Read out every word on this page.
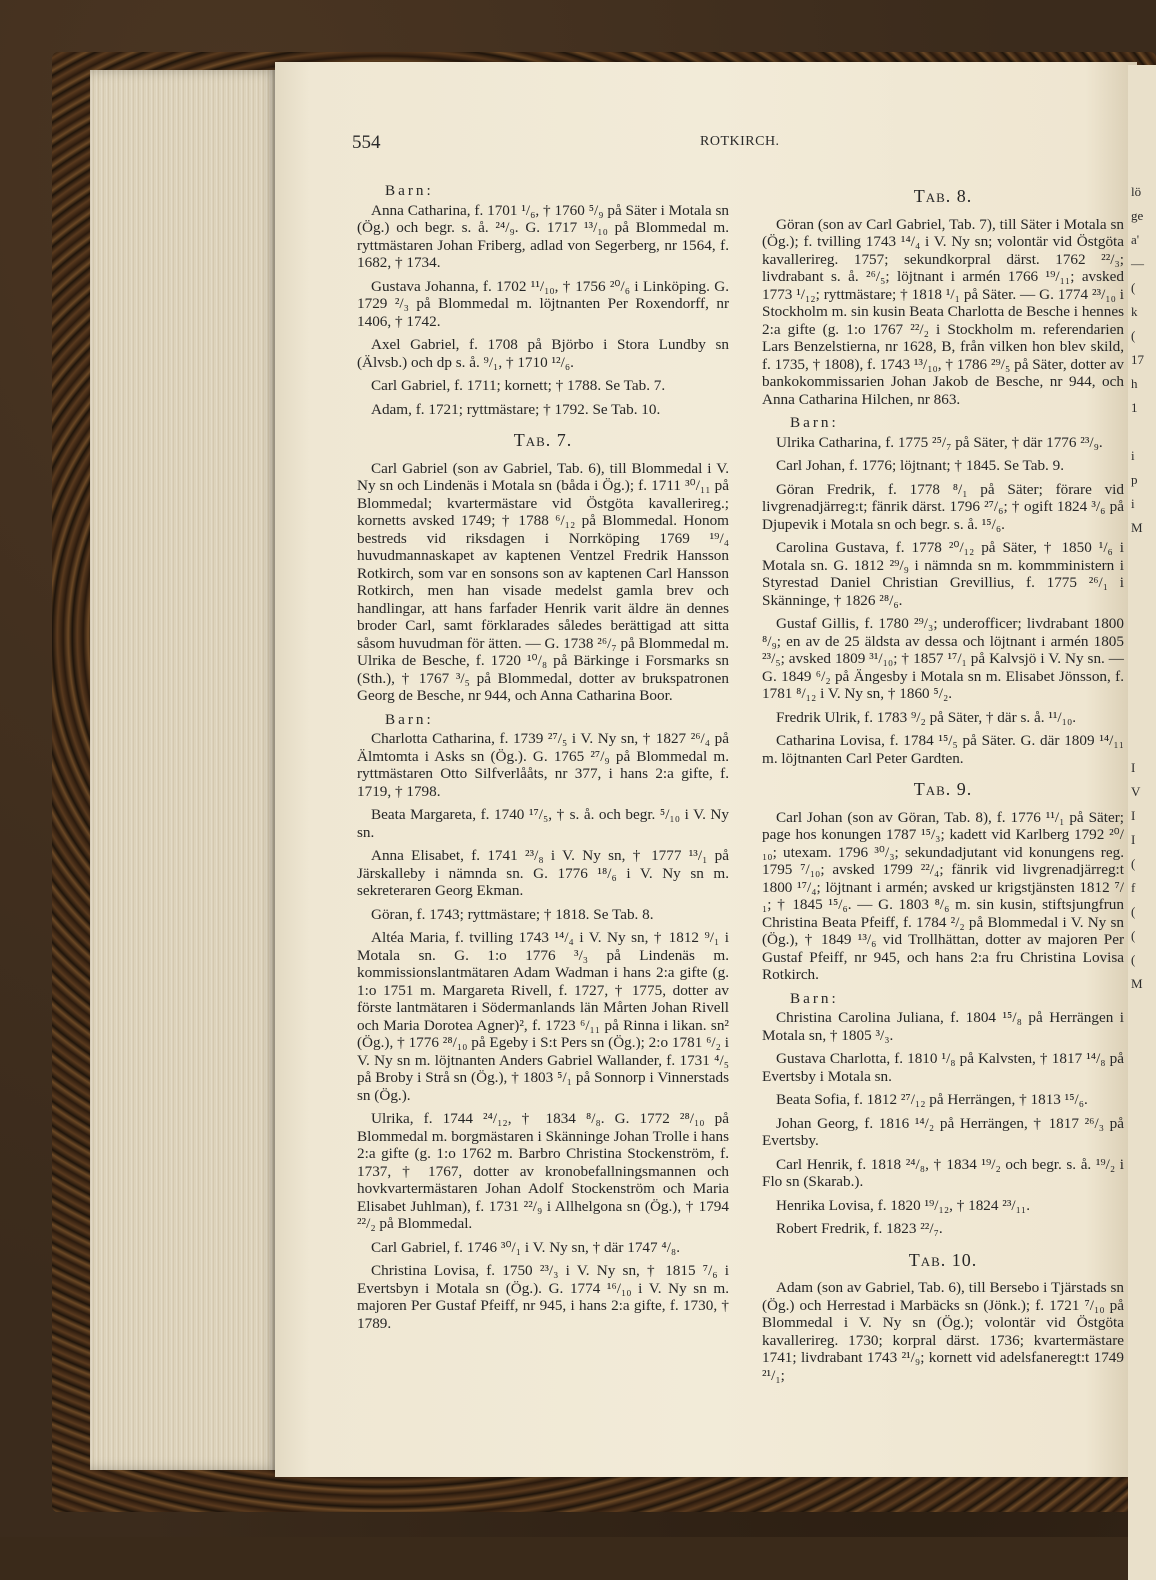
lö
ge
a'
—
(
k
(
17
h
1

i
p
i
M

I
V
I
I
(
f
(
(
(
M
554	ROTKIRCH.

Barn:

Anna Catharina, f. 1701 ¹/₆, † 1760 ⁵/₉ på Säter i Motala sn (Ög.) och begr. s. å. ²⁴/₉. G. 1717 ¹³/₁₀ på Blommedal m. ryttmästaren Johan Friberg, adlad von Segerberg, nr 1564, f. 1682, † 1734.

Gustava Johanna, f. 1702 ¹¹/₁₀, † 1756 ²⁰/₆ i Linköping. G. 1729 ²/₃ på Blommedal m. löjtnanten Per Roxendorff, nr 1406, † 1742.

Axel Gabriel, f. 1708 på Björbo i Stora Lundby sn (Älvsb.) och dp s. å. ⁹/₁, † 1710 ¹²/₆.

Carl Gabriel, f. 1711; kornett; † 1788. Se Tab. 7.

Adam, f. 1721; ryttmästare; † 1792. Se Tab. 10.

Tab. 7.

Carl Gabriel (son av Gabriel, Tab. 6), till Blommedal i V. Ny sn och Lindenäs i Motala sn (båda i Ög.); f. 1711 ³⁰/₁₁ på Blommedal; kvartermästare vid Östgöta kavallerireg.; kornetts avsked 1749; † 1788 ⁶/₁₂ på Blommedal. Honom bestreds vid riksdagen i Norrköping 1769 ¹⁹/₄ huvudmannaskapet av kaptenen Ventzel Fredrik Hansson Rotkirch, som var en sonsons son av kaptenen Carl Hansson Rotkirch, men han visade medelst gamla brev och handlingar, att hans farfader Henrik varit äldre än dennes broder Carl, samt förklarades således berättigad att sitta såsom huvudman för ätten. — G. 1738 ²⁶/₇ på Blommedal m. Ulrika de Besche, f. 1720 ¹⁰/₈ på Bärkinge i Forsmarks sn (Sth.), † 1767 ³/₅ på Blommedal, dotter av brukspatronen Georg de Besche, nr 944, och Anna Catharina Boor.

Barn:

Charlotta Catharina, f. 1739 ²⁷/₅ i V. Ny sn, † 1827 ²⁶/₄ på Älmtomta i Asks sn (Ög.). G. 1765 ²⁷/₉ på Blommedal m. ryttmästaren Otto Silfverlååts, nr 377, i hans 2:a gifte, f. 1719, † 1798.

Beata Margareta, f. 1740 ¹⁷/₅, † s. å. och begr. ⁵/₁₀ i V. Ny sn.

Anna Elisabet, f. 1741 ²³/₈ i V. Ny sn, † 1777 ¹³/₁ på Järskalleby i nämnda sn. G. 1776 ¹⁸/₆ i V. Ny sn m. sekreteraren Georg Ekman.

Göran, f. 1743; ryttmästare; † 1818. Se Tab. 8.

Altéa Maria, f. tvilling 1743 ¹⁴/₄ i V. Ny sn, † 1812 ⁹/₁ i Motala sn. G. 1:o 1776 ³/₃ på Lindenäs m. kommissionslantmätaren Adam Wadman i hans 2:a gifte (g. 1:o 1751 m. Margareta Rivell, f. 1727, † 1775, dotter av förste lantmätaren i Södermanlands län Mårten Johan Rivell och Maria Dorotea Agner)², f. 1723 ⁶/₁₁ på Rinna i likan. sn² (Ög.), † 1776 ²⁸/₁₀ på Egeby i S:t Pers sn (Ög.); 2:o 1781 ⁶/₂ i V. Ny sn m. löjtnanten Anders Gabriel Wallander, f. 1731 ⁴/₅ på Broby i Strå sn (Ög.), † 1803 ⁵/₁ på Sonnorp i Vinnerstads sn (Ög.).

Ulrika, f. 1744 ²⁴/₁₂, † 1834 ⁸/₈. G. 1772 ²⁸/₁₀ på Blommedal m. borgmästaren i Skänninge Johan Trolle i hans 2:a gifte (g. 1:o 1762 m. Barbro Christina Stockenström, f. 1737, † 1767, dotter av kronobefallningsmannen och hovkvartermästaren Johan Adolf Stockenström och Maria Elisabet Juhlman), f. 1731 ²²/₉ i Allhelgona sn (Ög.), † 1794 ²²/₂ på Blommedal.

Carl Gabriel, f. 1746 ³⁰/₁ i V. Ny sn, † där 1747 ⁴/₈.

Christina Lovisa, f. 1750 ²³/₃ i V. Ny sn, † 1815 ⁷/₆ i Evertsbyn i Motala sn (Ög.). G. 1774 ¹⁶/₁₀ i V. Ny sn m. majoren Per Gustaf Pfeiff, nr 945, i hans 2:a gifte, f. 1730, † 1789.

Tab. 8.

Göran (son av Carl Gabriel, Tab. 7), till Säter i Motala sn (Ög.); f. tvilling 1743 ¹⁴/₄ i V. Ny sn; volontär vid Östgöta kavallerireg. 1757; sekundkorpral därst. 1762 ²²/₃; livdrabant s. å. ²⁶/₅; löjtnant i armén 1766 ¹⁹/₁₁; avsked 1773 ¹/₁₂; ryttmästare; † 1818 ¹/₁ på Säter. — G. 1774 ²³/₁₀ i Stockholm m. sin kusin Beata Charlotta de Besche i hennes 2:a gifte (g. 1:o 1767 ²²/₂ i Stockholm m. referendarien Lars Benzelstierna, nr 1628, B, från vilken hon blev skild, f. 1735, † 1808), f. 1743 ¹³/₁₀, † 1786 ²⁹/₅ på Säter, dotter av bankokommissarien Johan Jakob de Besche, nr 944, och Anna Catharina Hilchen, nr 863.

Barn:

Ulrika Catharina, f. 1775 ²⁵/₇ på Säter, † där 1776 ²³/₉.

Carl Johan, f. 1776; löjtnant; † 1845. Se Tab. 9.

Göran Fredrik, f. 1778 ⁸/₁ på Säter; förare vid livgrenadjärreg:t; fänrik därst. 1796 ²⁷/₆; † ogift 1824 ³/₆ på Djupevik i Motala sn och begr. s. å. ¹⁵/₆.

Carolina Gustava, f. 1778 ²⁰/₁₂ på Säter, † 1850 ¹/₆ i Motala sn. G. 1812 ²⁹/₉ i nämnda sn m. kommministern i Styrestad Daniel Christian Grevillius, f. 1775 ²⁶/₁ i Skänninge, † 1826 ²⁸/₆.

Gustaf Gillis, f. 1780 ²⁹/₃; underofficer; livdrabant 1800 ⁸/₉; en av de 25 äldsta av dessa och löjtnant i armén 1805 ²³/₅; avsked 1809 ³¹/₁₀; † 1857 ¹⁷/₁ på Kalvsjö i V. Ny sn. — G. 1849 ⁶/₂ på Ängesby i Motala sn m. Elisabet Jönsson, f. 1781 ⁸/₁₂ i V. Ny sn, † 1860 ⁵/₂.

Fredrik Ulrik, f. 1783 ⁹/₂ på Säter, † där s. å. ¹¹/₁₀.

Catharina Lovisa, f. 1784 ¹⁵/₅ på Säter. G. där 1809 ¹⁴/₁₁ m. löjtnanten Carl Peter Gardten.

Tab. 9.

Carl Johan (son av Göran, Tab. 8), f. 1776 ¹¹/₁ på Säter; page hos konungen 1787 ¹⁵/₃; kadett vid Karlberg 1792 ²⁰/₁₀; utexam. 1796 ³⁰/₃; sekundadjutant vid konungens reg. 1795 ⁷/₁₀; avsked 1799 ²²/₄; fänrik vid livgrenadjärreg:t 1800 ¹⁷/₄; löjtnant i armén; avsked ur krigstjänsten 1812 ⁷/₁; † 1845 ¹⁵/₆. — G. 1803 ⁸/₆ m. sin kusin, stiftsjungfrun Christina Beata Pfeiff, f. 1784 ²/₂ på Blommedal i V. Ny sn (Ög.), † 1849 ¹³/₆ vid Trollhättan, dotter av majoren Per Gustaf Pfeiff, nr 945, och hans 2:a fru Christina Lovisa Rotkirch.

Barn:

Christina Carolina Juliana, f. 1804 ¹⁵/₈ på Herrängen i Motala sn, † 1805 ³/₃.

Gustava Charlotta, f. 1810 ¹/₈ på Kalvsten, † 1817 ¹⁴/₈ på Evertsby i Motala sn.

Beata Sofia, f. 1812 ²⁷/₁₂ på Herrängen, † 1813 ¹⁵/₆.

Johan Georg, f. 1816 ¹⁴/₂ på Herrängen, † 1817 ²⁶/₃ på Evertsby.

Carl Henrik, f. 1818 ²⁴/₈, † 1834 ¹⁹/₂ och begr. s. å. ¹⁹/₂ i Flo sn (Skarab.).

Henrika Lovisa, f. 1820 ¹⁹/₁₂, † 1824 ²³/₁₁.

Robert Fredrik, f. 1823 ²²/₇.

Tab. 10.

Adam (son av Gabriel, Tab. 6), till Bersebo i Tjärstads sn (Ög.) och Herrestad i Marbäcks sn (Jönk.); f. 1721 ⁷/₁₀ på Blommedal i V. Ny sn (Ög.); volontär vid Östgöta kavallerireg. 1730; korpral därst. 1736; kvartermästare 1741; livdrabant 1743 ²¹/₉; kornett vid adelsfaneregt:t 1749 ²¹/₁;
